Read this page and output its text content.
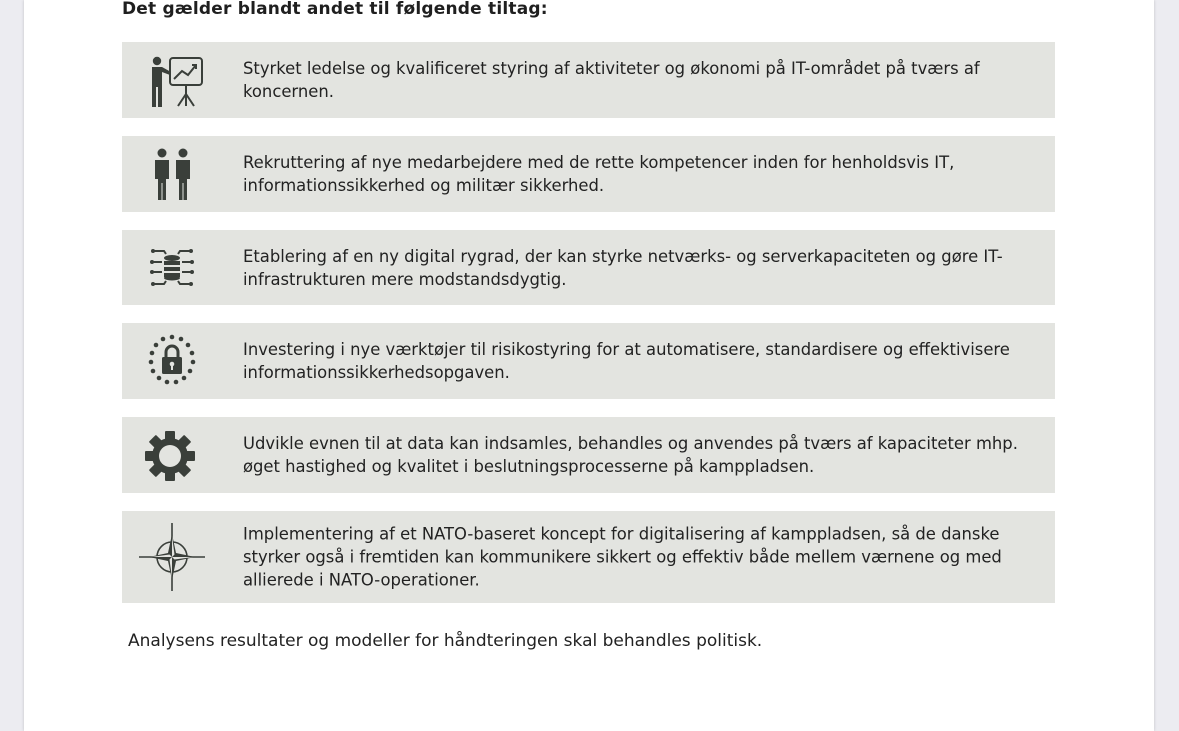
Det gælder blandt andet til følgende tiltag:

Styrket ledelse og kvalificeret styring af aktiviteter og økonomi på IT-området på tværs af koncernen.

Rekruttering af nye medarbejdere med de rette kompetencer inden for henholdsvis IT, informationssikkerhed og militær sikkerhed.

Etablering af en ny digital rygrad, der kan styrke netværks- og serverkapaciteten og gøre IT-infrastrukturen mere modstandsdygtig.

Investering i nye værktøjer til risikostyring for at automatisere, standardisere og effektivisere informationssikkerhedsopgaven.

Udvikle evnen til at data kan indsamles, behandles og anvendes på tværs af kapaciteter mhp. øget hastighed og kvalitet i beslutningsprocesserne på kamppladsen.

Implementering af et NATO-baseret koncept for digitalisering af kamppladsen, så de danske styrker også i fremtiden kan kommunikere sikkert og effektiv både mellem værnene og med allierede i NATO-operationer.

Analysens resultater og modeller for håndteringen skal behandles politisk.
